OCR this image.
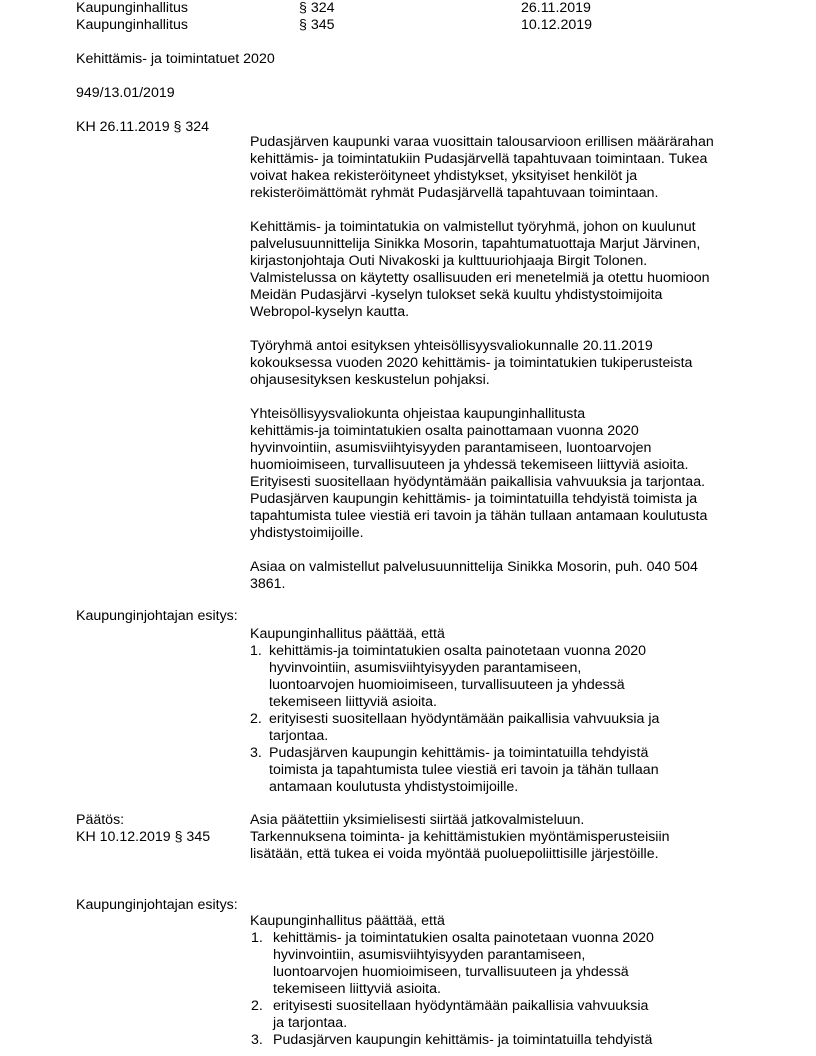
Kaupunginhallitus	§ 324	26.11.2019
Kaupunginhallitus	§ 345	10.12.2019
Kehittämis- ja toimintatuet 2020
949/13.01/2019
KH 26.11.2019 § 324
Pudasjärven kaupunki varaa vuosittain talousarvioon erillisen määrärahan
kehittämis- ja toimintatukiin Pudasjärvellä tapahtuvaan toimintaan. Tukea
voivat hakea rekisteröityneet yhdistykset, yksityiset henkilöt ja
rekisteröimättömät ryhmät Pudasjärvellä tapahtuvaan toimintaan.
Kehittämis- ja toimintatukia on valmistellut työryhmä, johon on kuulunut
palvelusuunnittelija Sinikka Mosorin, tapahtumatuottaja Marjut Järvinen,
kirjastonjohtaja Outi Nivakoski ja kulttuuriohjaaja Birgit Tolonen.
Valmistelussa on käytetty osallisuuden eri menetelmiä ja otettu huomioon
Meidän Pudasjärvi -kyselyn tulokset sekä kuultu yhdistystoimijoita
Webropol-kyselyn kautta.
Työryhmä antoi esityksen yhteisöllisyysvaliokunnalle 20.11.2019
kokouksessa vuoden 2020 kehittämis- ja toimintatukien tukiperusteista
ohjausesityksen keskustelun pohjaksi.
Yhteisöllisyysvaliokunta ohjeistaa kaupunginhallitusta
kehittämis-ja toimintatukien osalta painottamaan vuonna 2020
hyvinvointiin, asumisviihtyisyyden parantamiseen, luontoarvojen
huomioimiseen, turvallisuuteen ja yhdessä tekemiseen liittyviä asioita.
Erityisesti suositellaan hyödyntämään paikallisia vahvuuksia ja tarjontaa.
Pudasjärven kaupungin kehittämis- ja toimintatuilla tehdyistä toimista ja
tapahtumista tulee viestiä eri tavoin ja tähän tullaan antamaan koulutusta
yhdistystoimijoille.
Asiaa on valmistellut palvelusuunnittelija Sinikka Mosorin, puh. 040 504
3861.
Kaupunginjohtajan esitys:
Kaupunginhallitus päättää, että
1. kehittämis-ja toimintatukien osalta painotetaan vuonna 2020
hyvinvointiin, asumisviihtyisyyden parantamiseen,
luontoarvojen huomioimiseen, turvallisuuteen ja yhdessä
tekemiseen liittyviä asioita.
2. erityisesti suositellaan hyödyntämään paikallisia vahvuuksia ja
tarjontaa.
3. Pudasjärven kaupungin kehittämis- ja toimintatuilla tehdyistä
toimista ja tapahtumista tulee viestiä eri tavoin ja tähän tullaan
antamaan koulutusta yhdistystoimijoille.
Päätös:
KH 10.12.2019 § 345
Asia päätettiin yksimielisesti siirtää jatkovalmisteluun.
Tarkennuksena toiminta- ja kehittämistukien myöntämisperusteisiin
lisätään, että tukea ei voida myöntää puoluepoliittisille järjestöille.
Kaupunginjohtajan esitys:
Kaupunginhallitus päättää, että
1. kehittämis- ja toimintatukien osalta painotetaan vuonna 2020
hyvinvointiin, asumisviihtyisyyden parantamiseen,
luontoarvojen huomioimiseen, turvallisuuteen ja yhdessä
tekemiseen liittyviä asioita.
2. erityisesti suositellaan hyödyntämään paikallisia vahvuuksia
ja tarjontaa.
3. Pudasjärven kaupungin kehittämis- ja toimintatuilla tehdyistä
